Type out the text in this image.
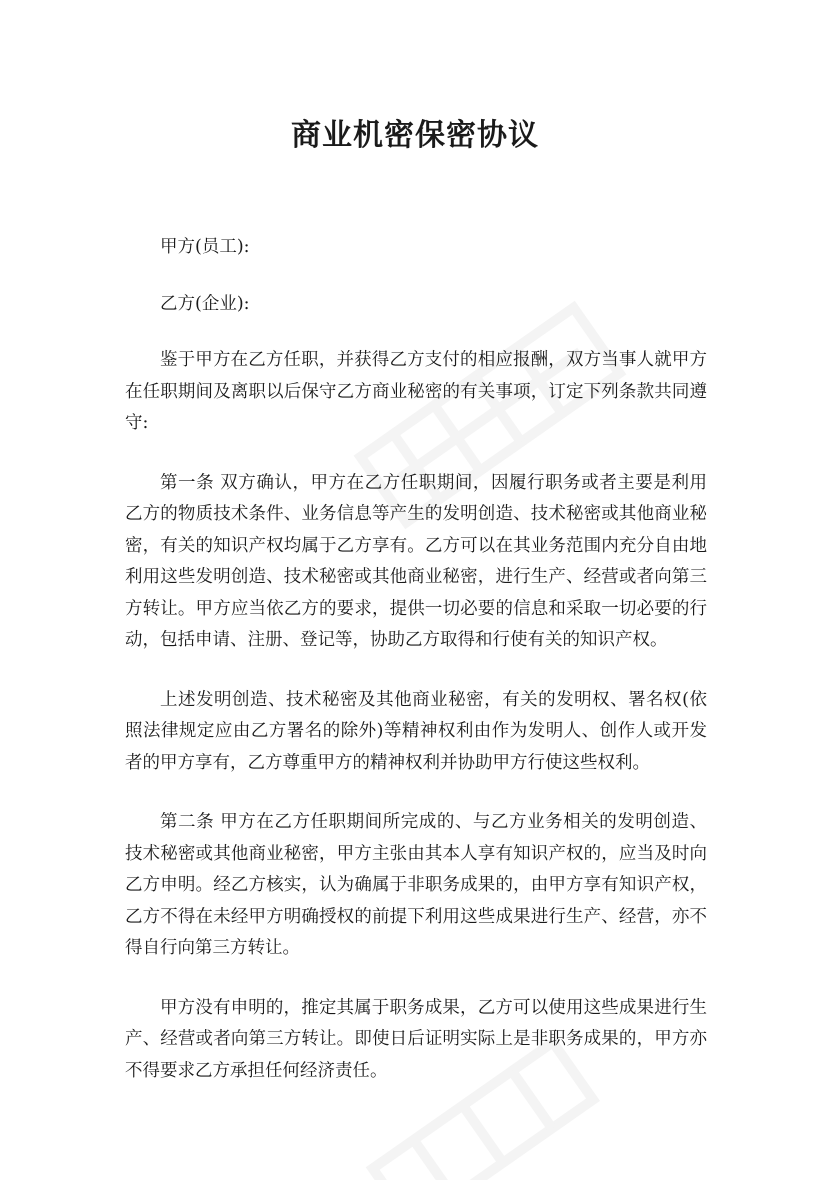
商业机密保密协议

甲方(员工):

乙方(企业):

鉴于甲方在乙方任职，并获得乙方支付的相应报酬，双方当事人就甲方在任职期间及离职以后保守乙方商业秘密的有关事项，订定下列条款共同遵守:

第一条 双方确认，甲方在乙方任职期间，因履行职务或者主要是利用乙方的物质技术条件、业务信息等产生的发明创造、技术秘密或其他商业秘密，有关的知识产权均属于乙方享有。乙方可以在其业务范围内充分自由地利用这些发明创造、技术秘密或其他商业秘密，进行生产、经营或者向第三方转让。甲方应当依乙方的要求，提供一切必要的信息和采取一切必要的行动，包括申请、注册、登记等，协助乙方取得和行使有关的知识产权。

上述发明创造、技术秘密及其他商业秘密，有关的发明权、署名权(依照法律规定应由乙方署名的除外)等精神权利由作为发明人、创作人或开发者的甲方享有，乙方尊重甲方的精神权利并协助甲方行使这些权利。

第二条 甲方在乙方任职期间所完成的、与乙方业务相关的发明创造、技术秘密或其他商业秘密，甲方主张由其本人享有知识产权的，应当及时向乙方申明。经乙方核实，认为确属于非职务成果的，由甲方享有知识产权，乙方不得在未经甲方明确授权的前提下利用这些成果进行生产、经营，亦不得自行向第三方转让。

甲方没有申明的，推定其属于职务成果，乙方可以使用这些成果进行生产、经营或者向第三方转让。即使日后证明实际上是非职务成果的，甲方亦不得要求乙方承担任何经济责任。
